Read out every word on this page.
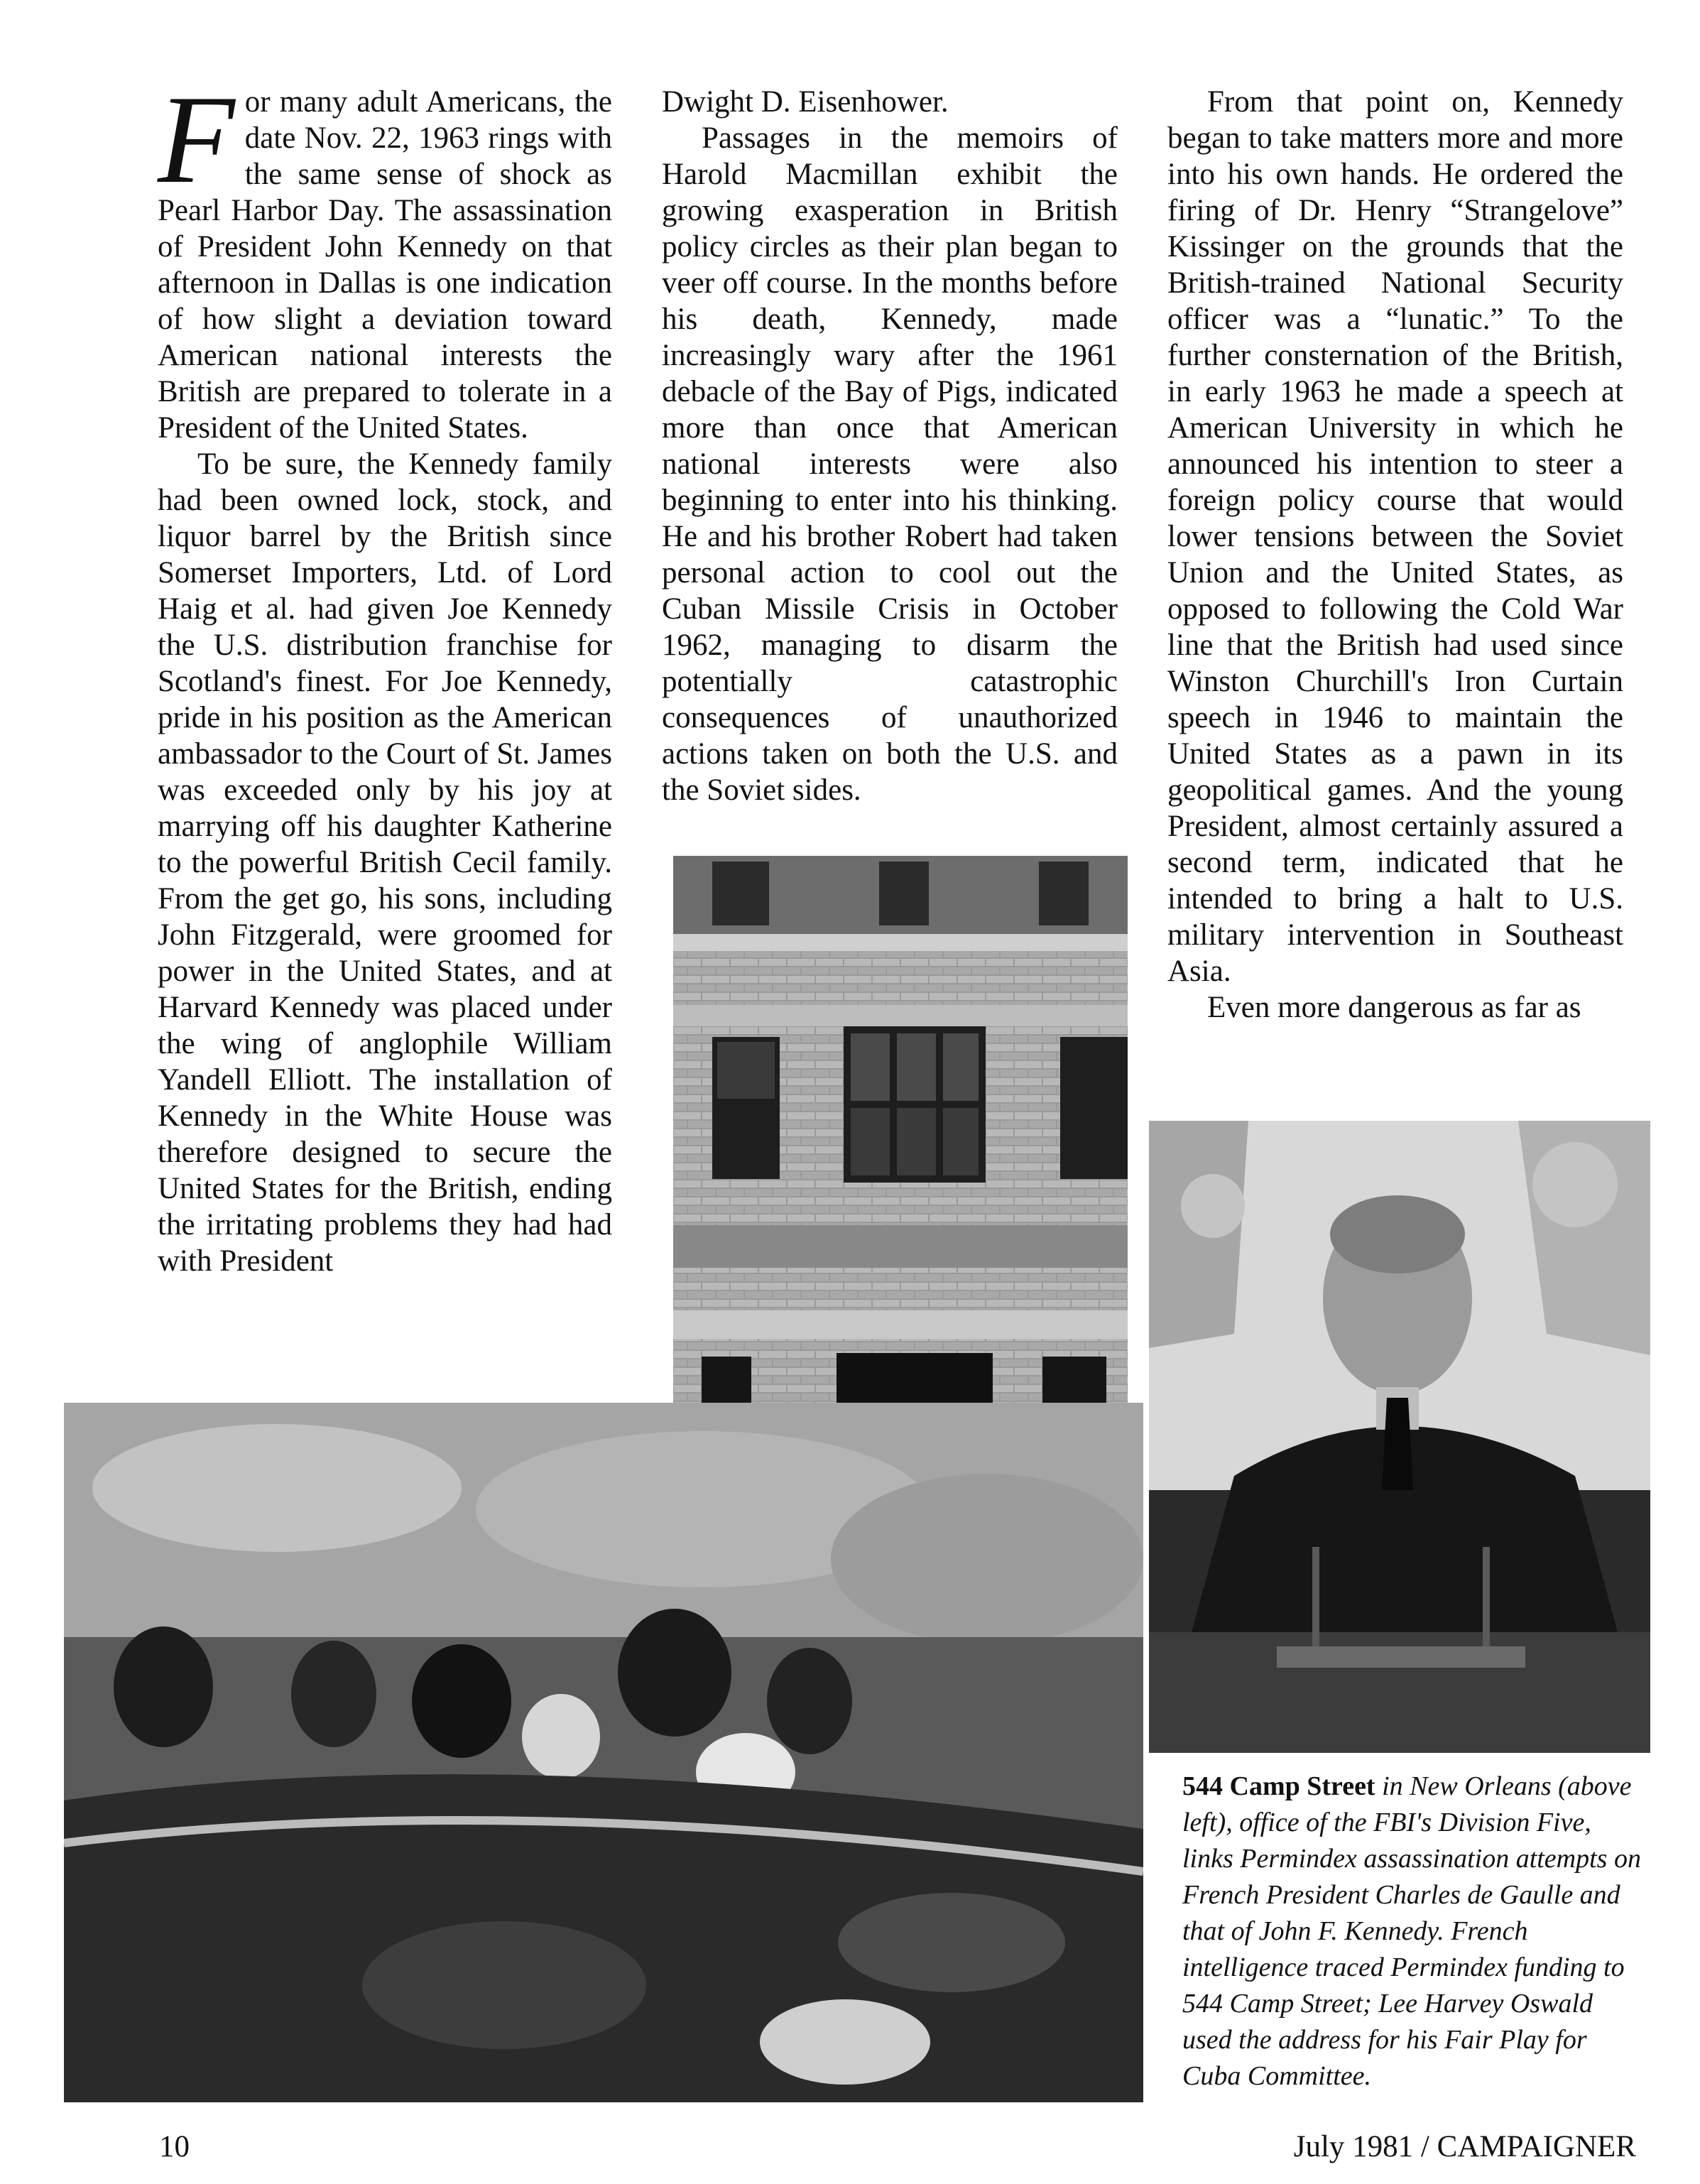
For many adult Americans, the date Nov. 22, 1963 rings with the same sense of shock as Pearl Harbor Day. The assassination of President John Kennedy on that afternoon in Dallas is one indication of how slight a deviation toward American national interests the British are prepared to tolerate in a President of the United States.

To be sure, the Kennedy family had been owned lock, stock, and liquor barrel by the British since Somerset Importers, Ltd. of Lord Haig et al. had given Joe Kennedy the U.S. distribution franchise for Scotland's finest. For Joe Kennedy, pride in his position as the American ambassador to the Court of St. James was exceeded only by his joy at marrying off his daughter Katherine to the powerful British Cecil family. From the get go, his sons, including John Fitzgerald, were groomed for power in the United States, and at Harvard Kennedy was placed under the wing of anglophile William Yandell Elliott. The installation of Kennedy in the White House was therefore designed to secure the United States for the British, ending the irritating problems they had had with President

Dwight D. Eisenhower.

Passages in the memoirs of Harold Macmillan exhibit the growing exasperation in British policy circles as their plan began to veer off course. In the months before his death, Kennedy, made increasingly wary after the 1961 debacle of the Bay of Pigs, indicated more than once that American national interests were also beginning to enter into his thinking. He and his brother Robert had taken personal action to cool out the Cuban Missile Crisis in October 1962, managing to disarm the potentially catastrophic consequences of unauthorized actions taken on both the U.S. and the Soviet sides.

From that point on, Kennedy began to take matters more and more into his own hands. He ordered the firing of Dr. Henry “Strangelove” Kissinger on the grounds that the British-trained National Security officer was a “lunatic.” To the further consternation of the British, in early 1963 he made a speech at American University in which he announced his intention to steer a foreign policy course that would lower tensions between the Soviet Union and the United States, as opposed to following the Cold War line that the British had used since Winston Churchill's Iron Curtain speech in 1946 to maintain the United States as a pawn in its geopolitical games. And the young President, almost certainly assured a second term, indicated that he intended to bring a halt to U.S. military intervention in Southeast Asia.

Even more dangerous as far as

544 Camp Street in New Orleans (above left), office of the FBI's Division Five, links Permindex assassination attempts on French President Charles de Gaulle and that of John F. Kennedy. French intelligence traced Permindex funding to 544 Camp Street; Lee Harvey Oswald used the address for his Fair Play for Cuba Committee.
10	July 1981 / CAMPAIGNER
